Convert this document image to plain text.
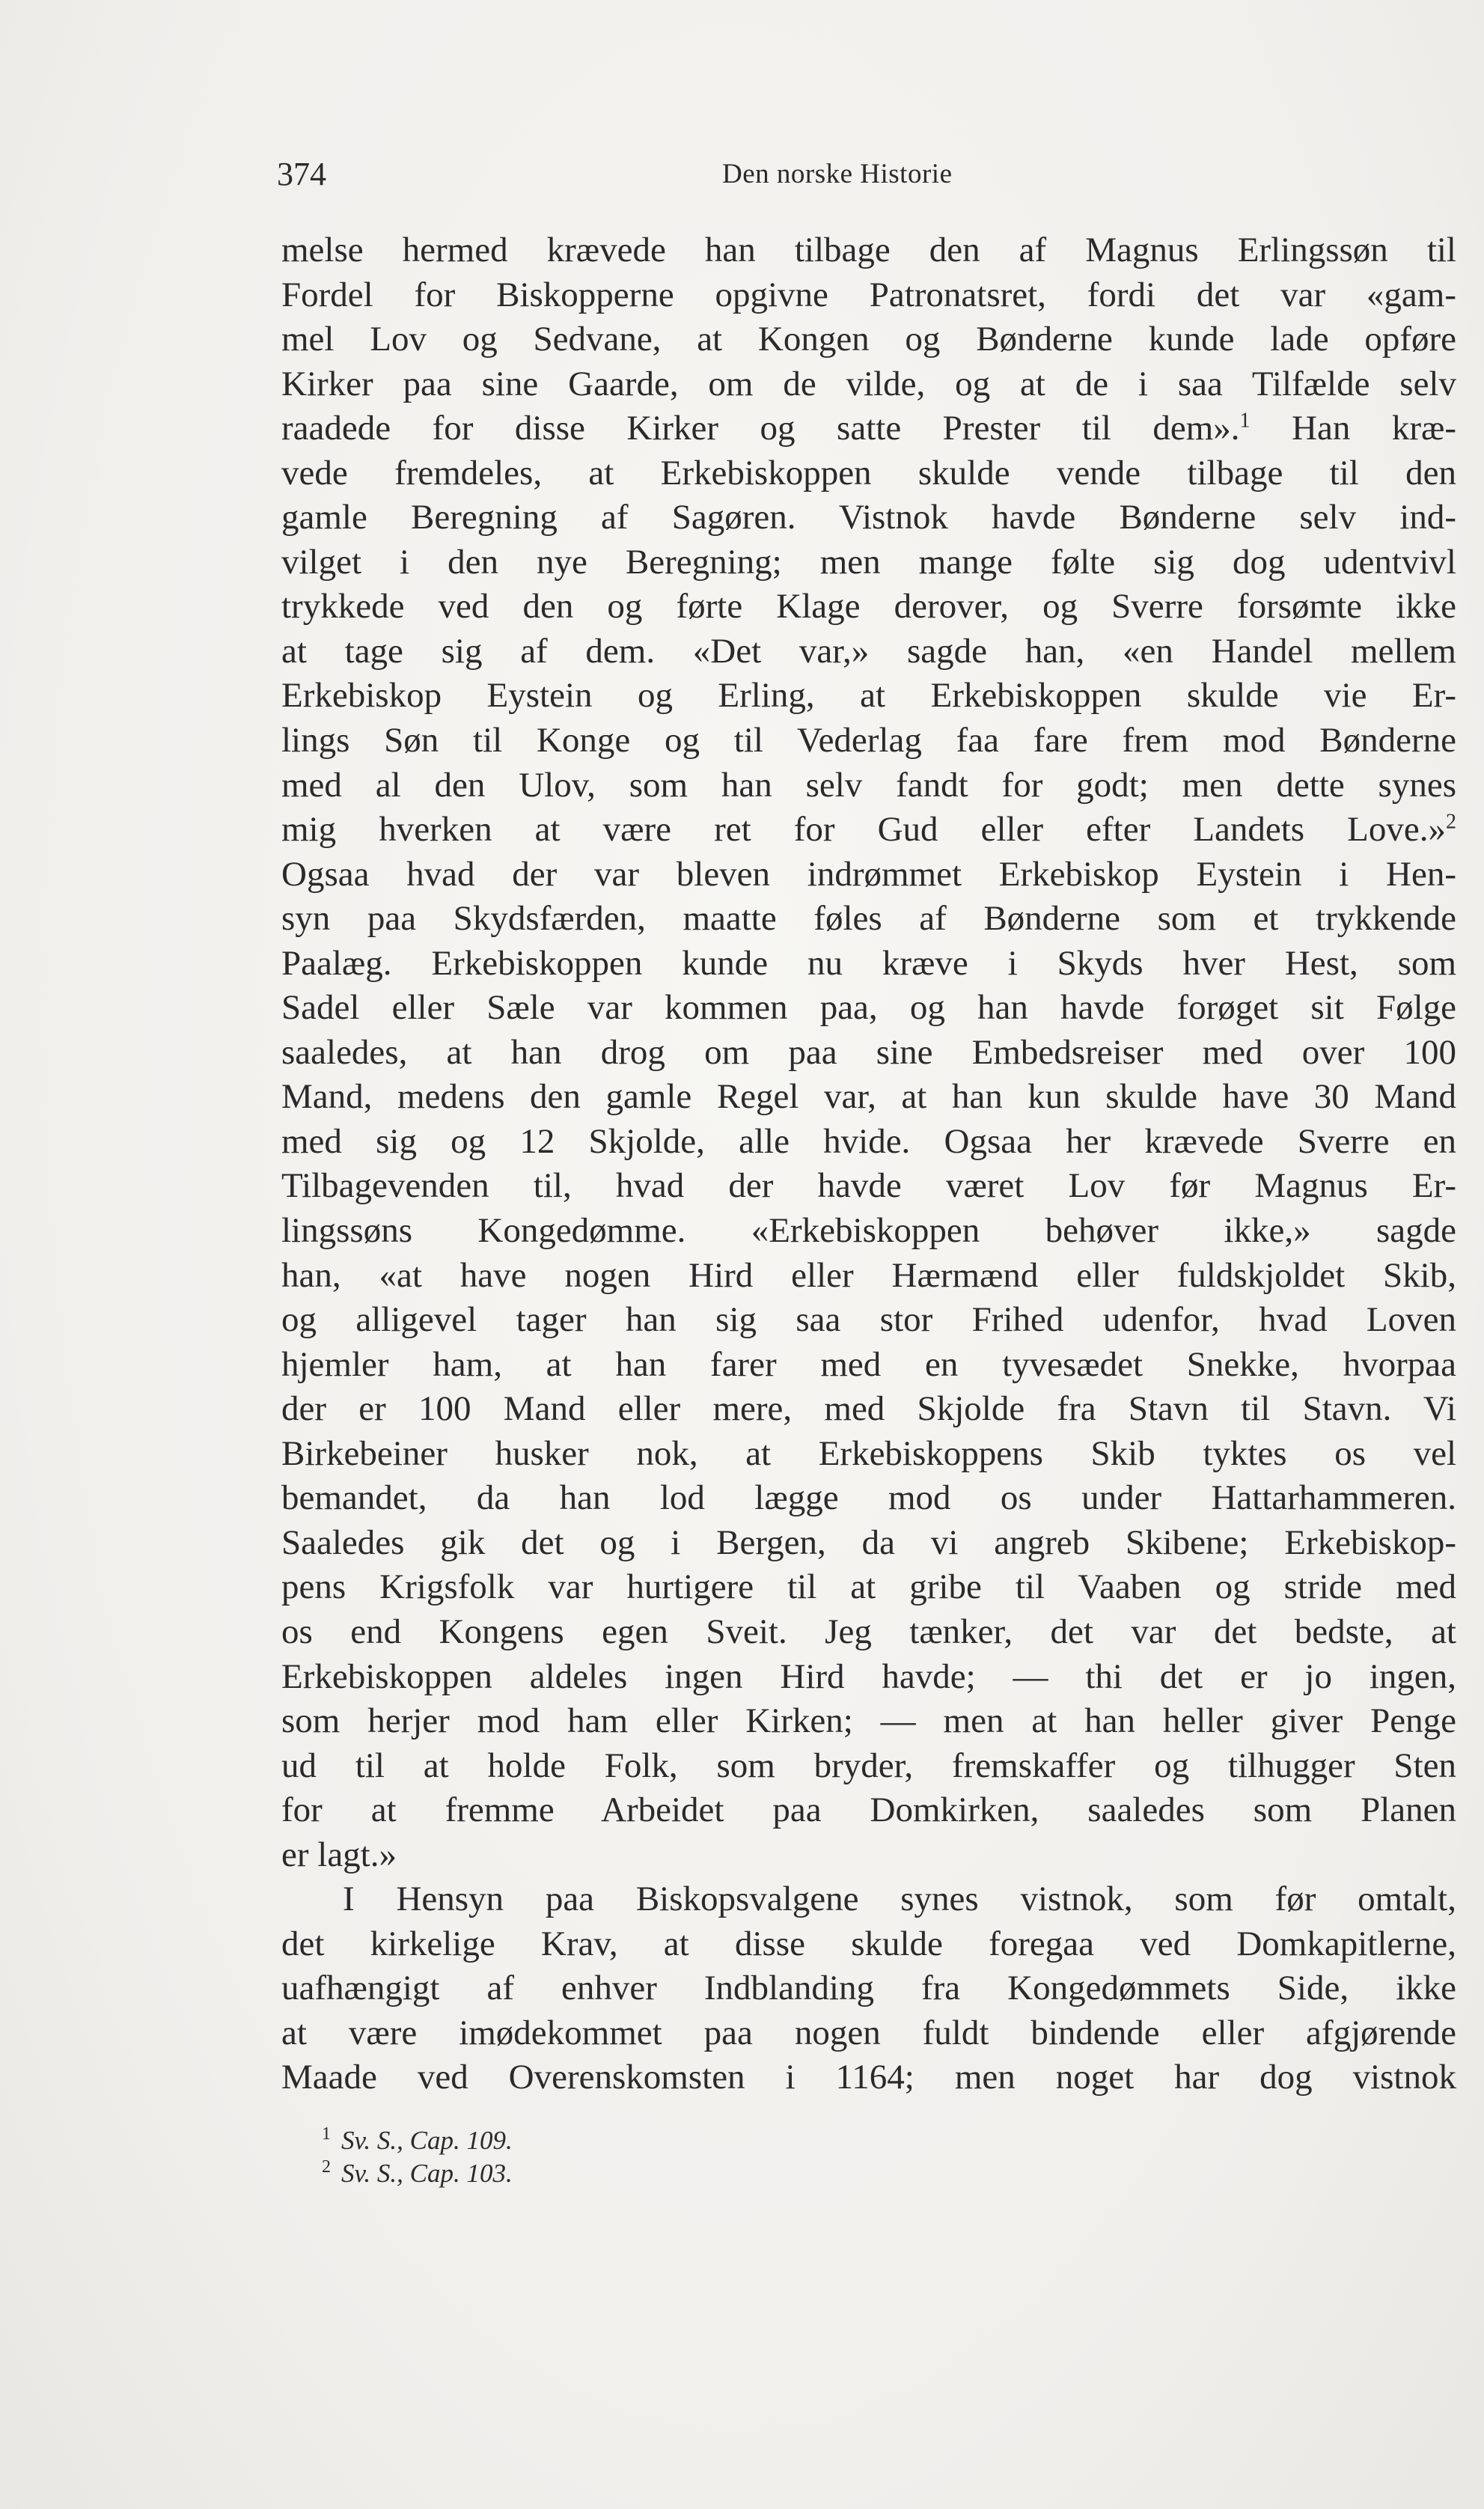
374	Den norske Historie
melse hermed krævede han tilbage den af Magnus Erlingssøn til
Fordel for Biskopperne opgivne Patronatsret, fordi det var «gam-
mel Lov og Sedvane, at Kongen og Bønderne kunde lade opføre
Kirker paa sine Gaarde, om de vilde, og at de i saa Tilfælde selv
raadede for disse Kirker og satte Prester til dem».$^1$ Han kræ-
vede fremdeles, at Erkebiskoppen skulde vende tilbage til den
gamle Beregning af Sagøren. Vistnok havde Bønderne selv ind-
vilget i den nye Beregning; men mange følte sig dog udentvivl
trykkede ved den og førte Klage derover, og Sverre forsømte ikke
at tage sig af dem. «Det var,» sagde han, «en Handel mellem
Erkebiskop Eystein og Erling, at Erkebiskoppen skulde vie Er-
lings Søn til Konge og til Vederlag faa fare frem mod Bønderne
med al den Ulov, som han selv fandt for godt; men dette synes
mig hverken at være ret for Gud eller efter Landets Love.»$^2$
Ogsaa hvad der var bleven indrømmet Erkebiskop Eystein i Hen-
syn paa Skydsfærden, maatte føles af Bønderne som et trykkende
Paalæg. Erkebiskoppen kunde nu kræve i Skyds hver Hest, som
Sadel eller Sæle var kommen paa, og han havde forøget sit Følge
saaledes, at han drog om paa sine Embedsreiser med over 100
Mand, medens den gamle Regel var, at han kun skulde have 30 Mand
med sig og 12 Skjolde, alle hvide. Ogsaa her krævede Sverre en
Tilbagevenden til, hvad der havde været Lov før Magnus Er-
lingssøns Kongedømme. «Erkebiskoppen behøver ikke,» sagde
han, «at have nogen Hird eller Hærmænd eller fuldskjoldet Skib,
og alligevel tager han sig saa stor Frihed udenfor, hvad Loven
hjemler ham, at han farer med en tyvesædet Snekke, hvorpaa
der er 100 Mand eller mere, med Skjolde fra Stavn til Stavn. Vi
Birkebeiner husker nok, at Erkebiskoppens Skib tyktes os vel
bemandet, da han lod lægge mod os under Hattarhammeren.
Saaledes gik det og i Bergen, da vi angreb Skibene; Erkebiskop-
pens Krigsfolk var hurtigere til at gribe til Vaaben og stride med
os end Kongens egen Sveit. Jeg tænker, det var det bedste, at
Erkebiskoppen aldeles ingen Hird havde; — thi det er jo ingen,
som herjer mod ham eller Kirken; — men at han heller giver Penge
ud til at holde Folk, som bryder, fremskaffer og tilhugger Sten
for at fremme Arbeidet paa Domkirken, saaledes som Planen
er lagt.»
I Hensyn paa Biskopsvalgene synes vistnok, som før omtalt,
det kirkelige Krav, at disse skulde foregaa ved Domkapitlerne,
uafhængigt af enhver Indblanding fra Kongedømmets Side, ikke
at være imødekommet paa nogen fuldt bindende eller afgjørende
Maade ved Overenskomsten i 1164; men noget har dog vistnok
$^1$ Sv. S., Cap. 109.
$^2$ Sv. S., Cap. 103.
